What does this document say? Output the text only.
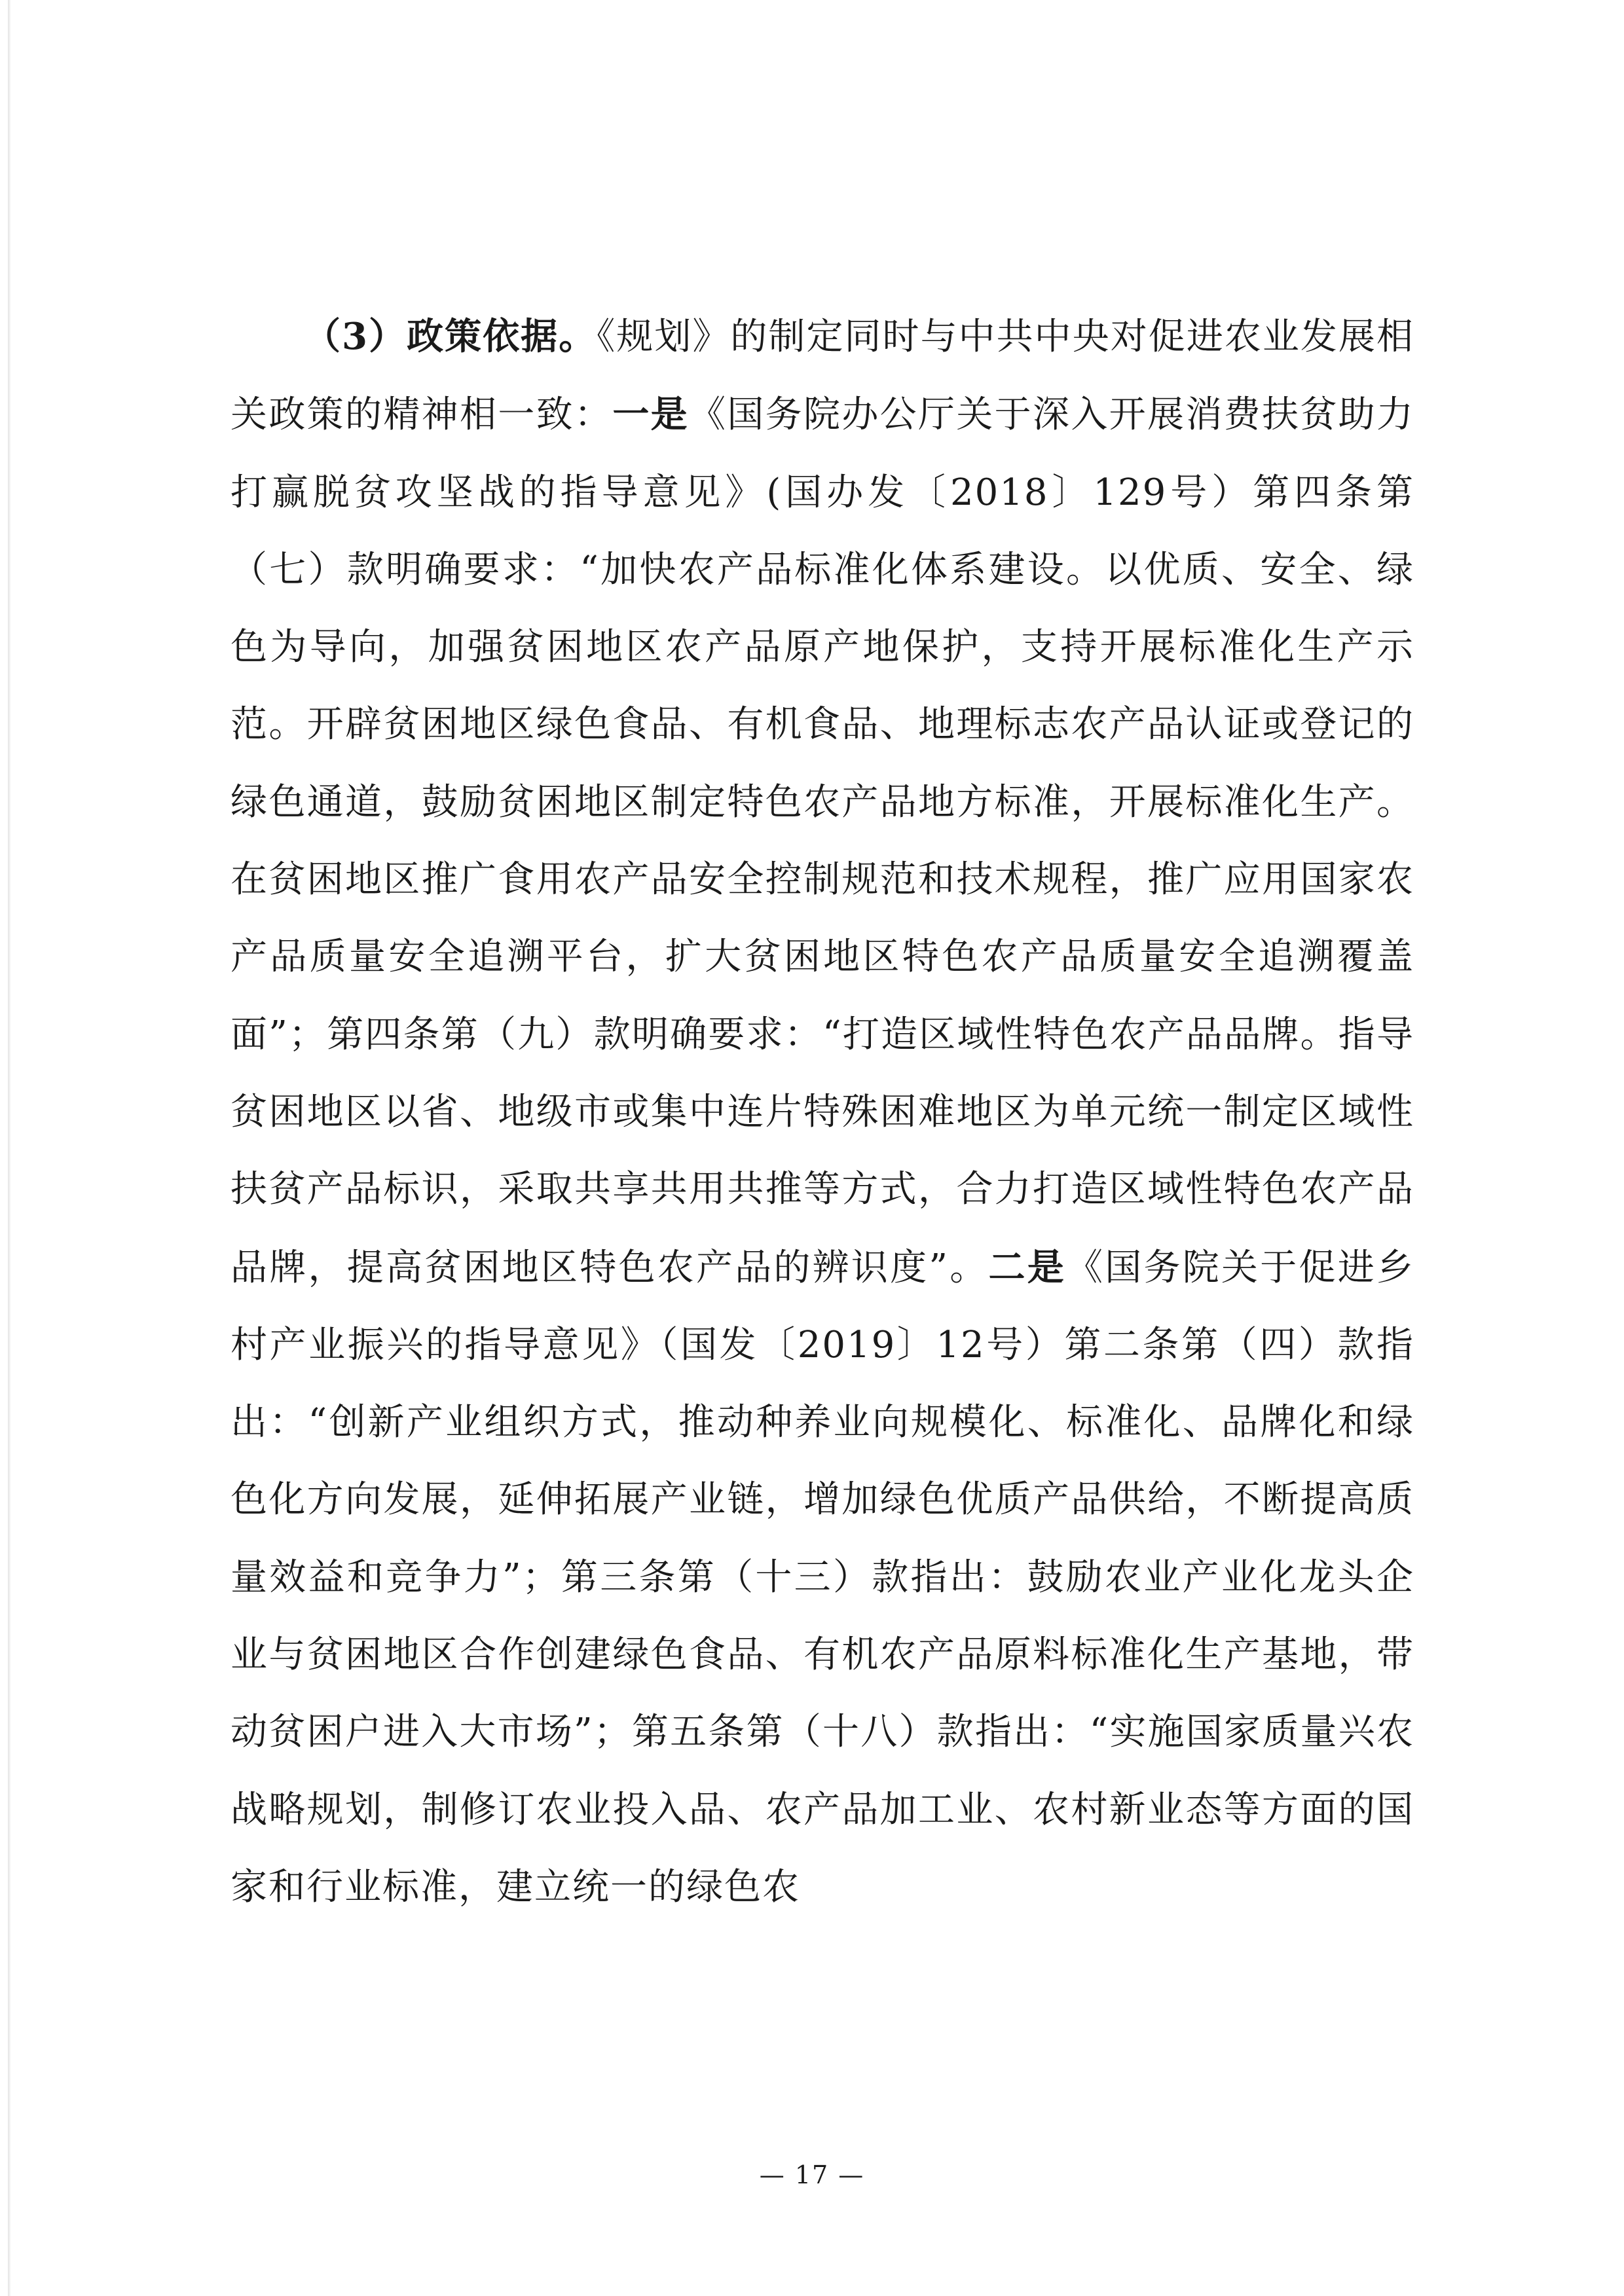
（3）政策依据。《规划》的制定同时与中共中央对促进农业发展相关政策的精神相一致：一是《国务院办公厅关于深入开展消费扶贫助力打赢脱贫攻坚战的指导意见》(国办发〔2018〕129号）第四条第（七）款明确要求：“加快农产品标准化体系建设。以优质、安全、绿色为导向，加强贫困地区农产品原产地保护，支持开展标准化生产示范。开辟贫困地区绿色食品、有机食品、地理标志农产品认证或登记的绿色通道，鼓励贫困地区制定特色农产品地方标准，开展标准化生产。在贫困地区推广食用农产品安全控制规范和技术规程，推广应用国家农产品质量安全追溯平台，扩大贫困地区特色农产品质量安全追溯覆盖面”；第四条第（九）款明确要求：“打造区域性特色农产品品牌。指导贫困地区以省、地级市或集中连片特殊困难地区为单元统一制定区域性扶贫产品标识，采取共享共用共推等方式，合力打造区域性特色农产品品牌，提高贫困地区特色农产品的辨识度”。二是《国务院关于促进乡村产业振兴的指导意见》（国发〔2019〕12号）第二条第（四）款指出：“创新产业组织方式，推动种养业向规模化、标准化、品牌化和绿色化方向发展，延伸拓展产业链，增加绿色优质产品供给，不断提高质量效益和竞争力”；第三条第（十三）款指出：鼓励农业产业化龙头企业与贫困地区合作创建绿色食品、有机农产品原料标准化生产基地，带动贫困户进入大市场”；第五条第（十八）款指出：“实施国家质量兴农战略规划，制修订农业投入品、农产品加工业、农村新业态等方面的国家和行业标准，建立统一的绿色农

— 17 —
